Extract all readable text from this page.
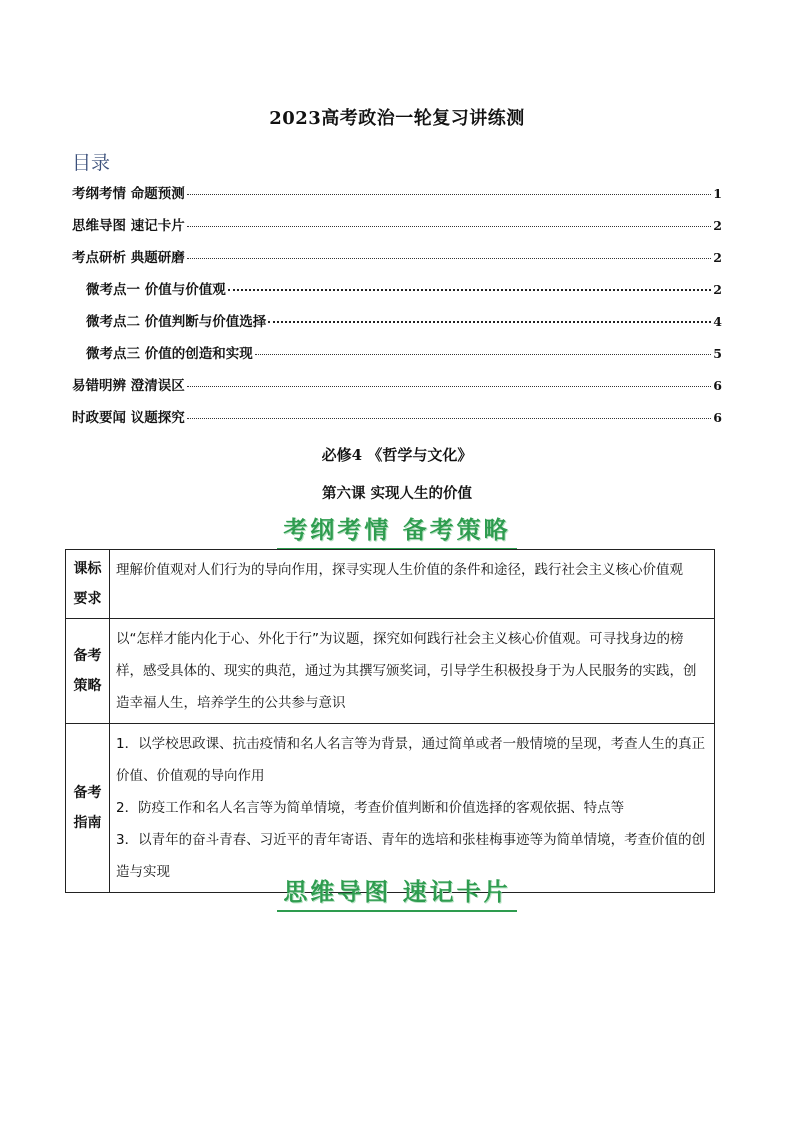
2023高考政治一轮复习讲练测
目录
考纲考情 命题预测	1
思维导图 速记卡片	2
考点研析 典题研磨	2
微考点一 价值与价值观	2
微考点二 价值判断与价值选择	4
微考点三 价值的创造和实现	5
易错明辨 澄清误区	6
时政要闻 议题探究	6
必修4 《哲学与文化》
第六课 实现人生的价值
考纲考情 备考策略
课标要求	理解价值观对人们行为的导向作用，探寻实现人生价值的条件和途径，践行社会主义核心价值观

备考策略	以“怎样才能内化于心、外化于行”为议题，探究如何践行社会主义核心价值观。可寻找身边的榜样，感受具体的、现实的典范，通过为其撰写颁奖词，引导学生积极投身于为人民服务的实践，创造幸福人生，培养学生的公共参与意识

备考指南	1．以学校思政课、抗击疫情和名人名言等为背景，通过简单或者一般情境的呈现，考查人生的真正价值、价值观的导向作用
2．防疫工作和名人名言等为简单情境，考查价值判断和价值选择的客观依据、特点等
3．以青年的奋斗青春、习近平的青年寄语、青年的选培和张桂梅事迹等为简单情境，考查价值的创造与实现
思维导图 速记卡片
